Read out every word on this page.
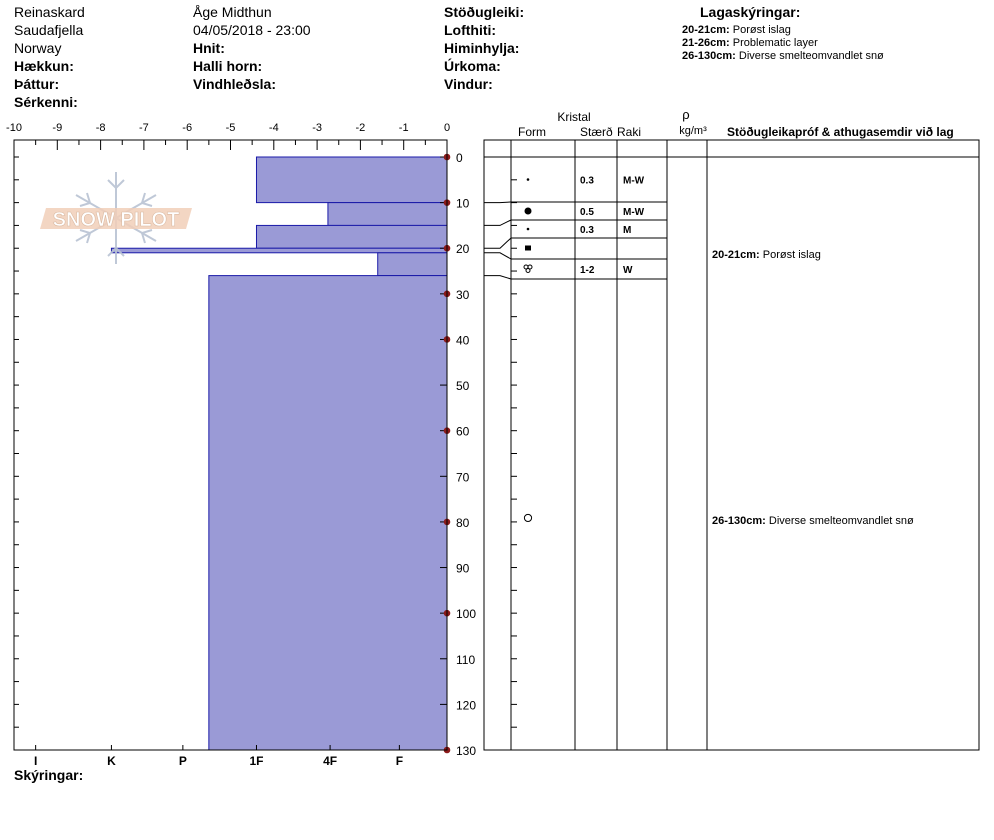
Reinaskard
Saudafjella
Norway
Hækkun:
Þáttur:
Sérkenni:
Åge Midthun
04/05/2018 - 23:00
Hnit:
Halli horn:
Vindhleðsla:
Stöðugleiki:
Lofthiti:
Himinhylja:
Úrkoma:
Vindur:
Lagaskýringar:
20-21cm: Porøst islag
21-26cm: Problematic layer
26-130cm: Diverse smelteomvandlet snø
SNOW PILOT
-10	-9	-8	-7	-6	-5	-4	-3	-2	-1	0
0
10
20
30
40
50
60
70
80
90
100
110
120
130
I	K	P	1F	4F	F
Kristal
Form	Stærð Raki
ρ
kg/m³ Stöðugleikapróf & athugasemdir við lag
0.3	M-W
0.5	M-W
0.3	M
1-2	W
20-21cm: Porøst islag
26-130cm: Diverse smelteomvandlet snø
Skýringar:
